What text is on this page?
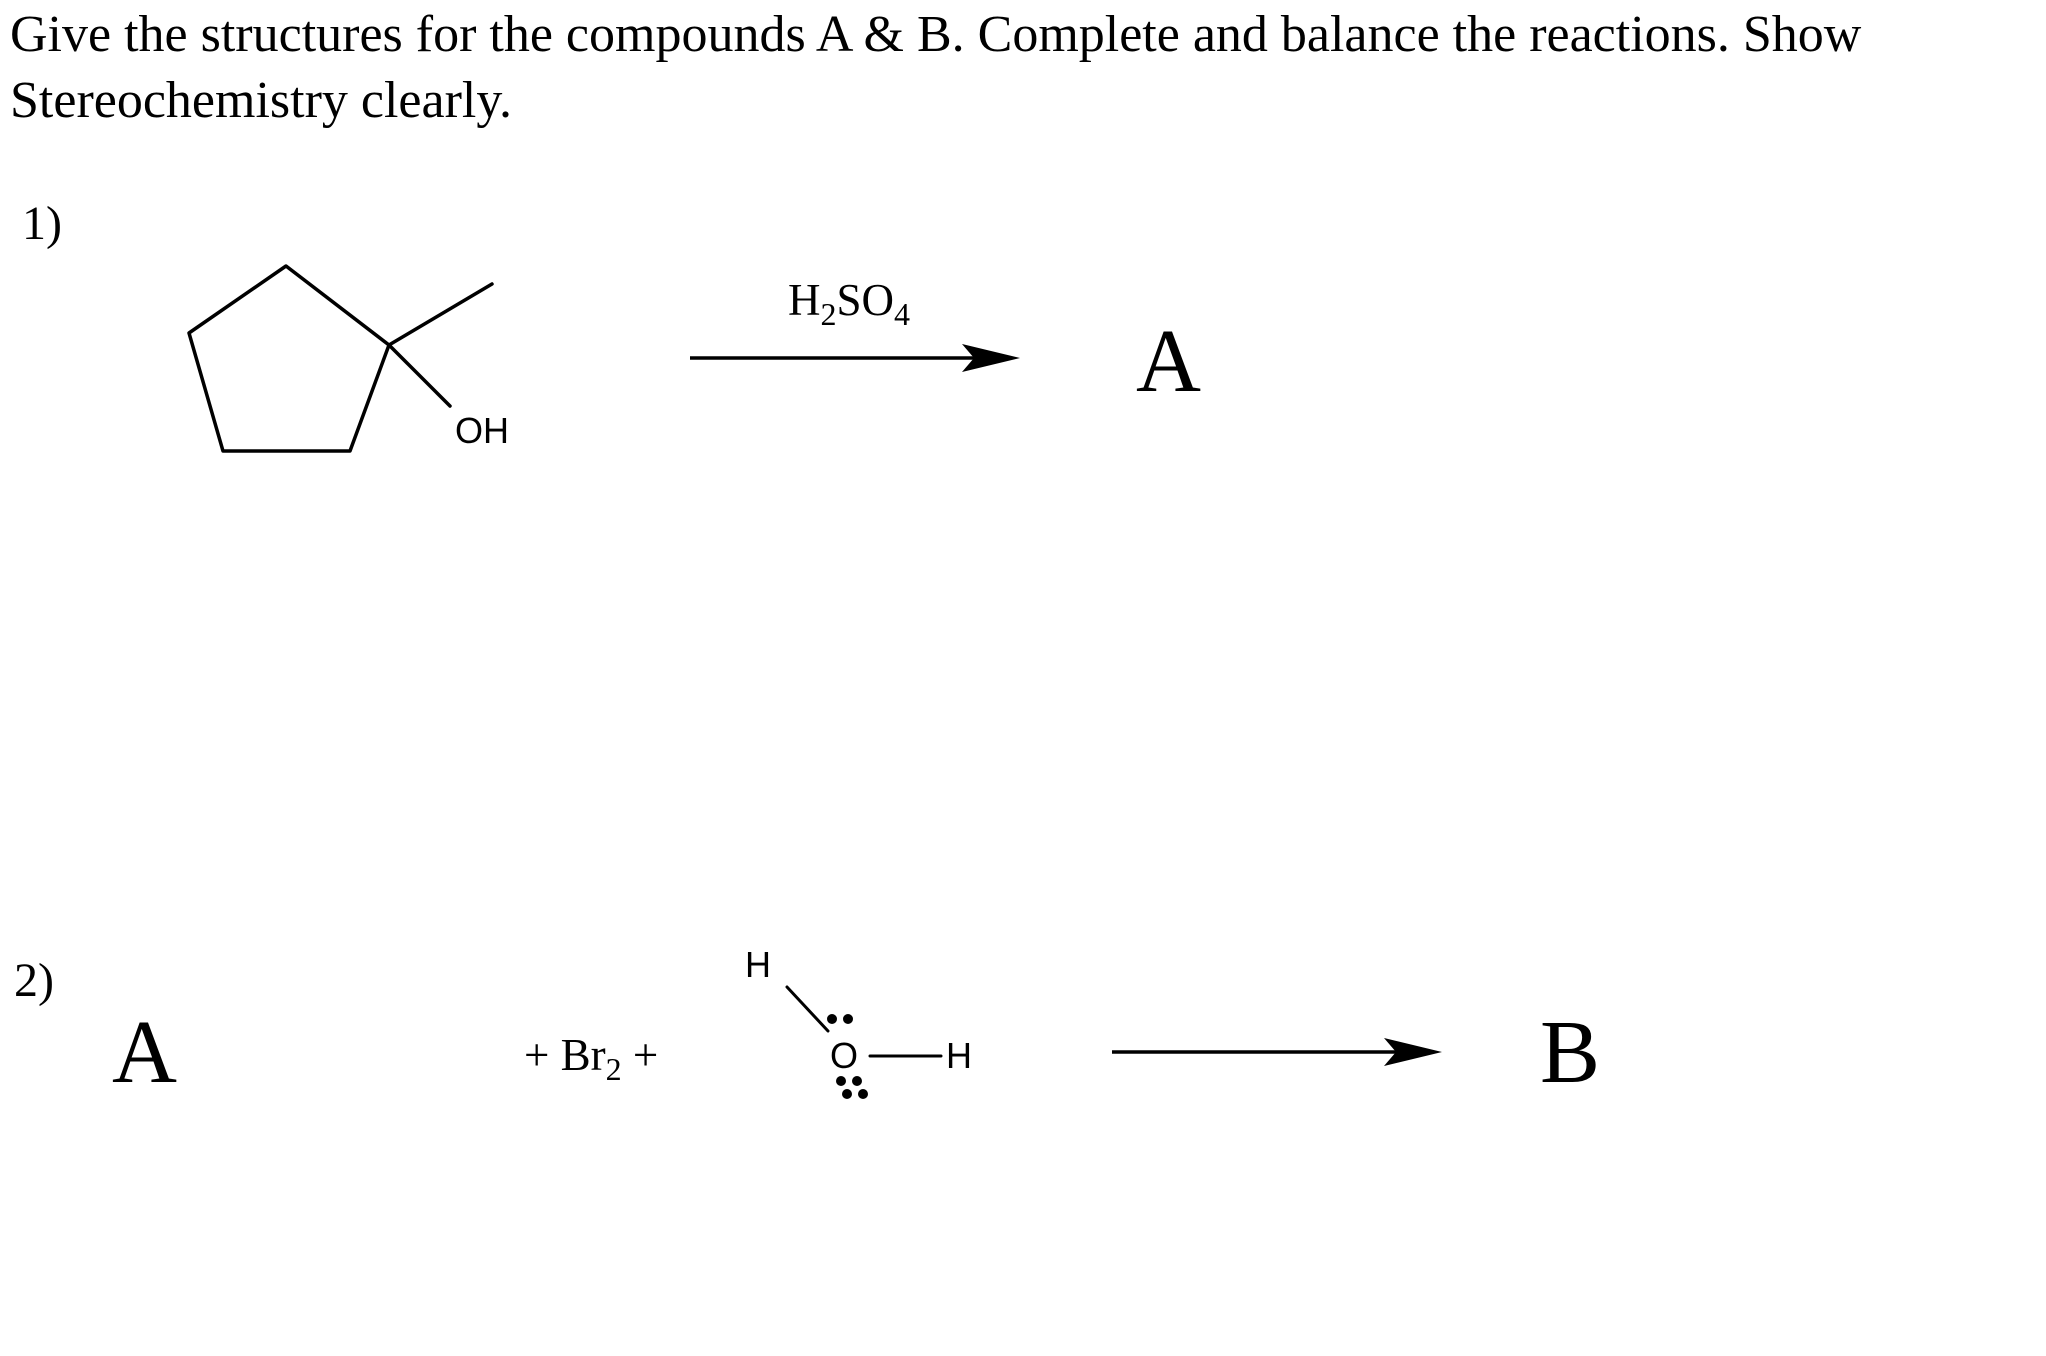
Give the structures for the compounds A & B. Complete and balance the reactions. Show
Stereochemistry clearly.
1)
OH
$H_2SO_4$	A
2)
A	+ $Br_2$ +
H
O H	B
